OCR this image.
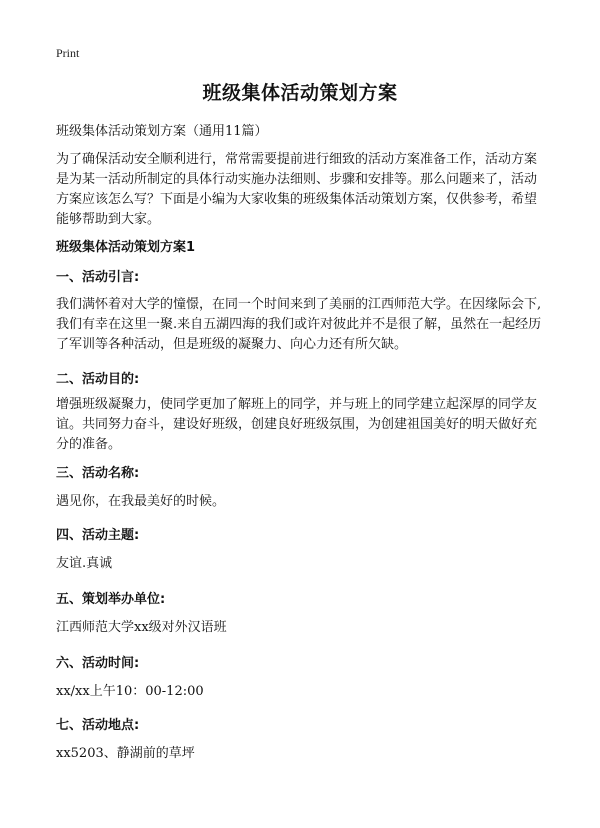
Print
班级集体活动策划方案

班级集体活动策划方案（通用11篇）

为了确保活动安全顺利进行，常常需要提前进行细致的活动方案准备工作，活动方案是为某一活动所制定的具体行动实施办法细则、步骤和安排等。那么问题来了，活动方案应该怎么写？下面是小编为大家收集的班级集体活动策划方案，仅供参考，希望能够帮助到大家。

班级集体活动策划方案1

一、活动引言:

我们满怀着对大学的憧憬，在同一个时间来到了美丽的江西师范大学。在因缘际会下,我们有幸在这里一聚.来自五湖四海的我们或许对彼此并不是很了解，虽然在一起经历了军训等各种活动，但是班级的凝聚力、向心力还有所欠缺。

二、活动目的:

增强班级凝聚力，使同学更加了解班上的同学，并与班上的同学建立起深厚的同学友谊。共同努力奋斗，建设好班级，创建良好班级氛围，为创建祖国美好的明天做好充分的准备。

三、活动名称:

遇见你，在我最美好的时候。

四、活动主题:

友谊.真诚

五、策划举办单位:

江西师范大学xx级对外汉语班

六、活动时间:

xx/xx上午10：00-12:00

七、活动地点:

xx5203、静湖前的草坪
